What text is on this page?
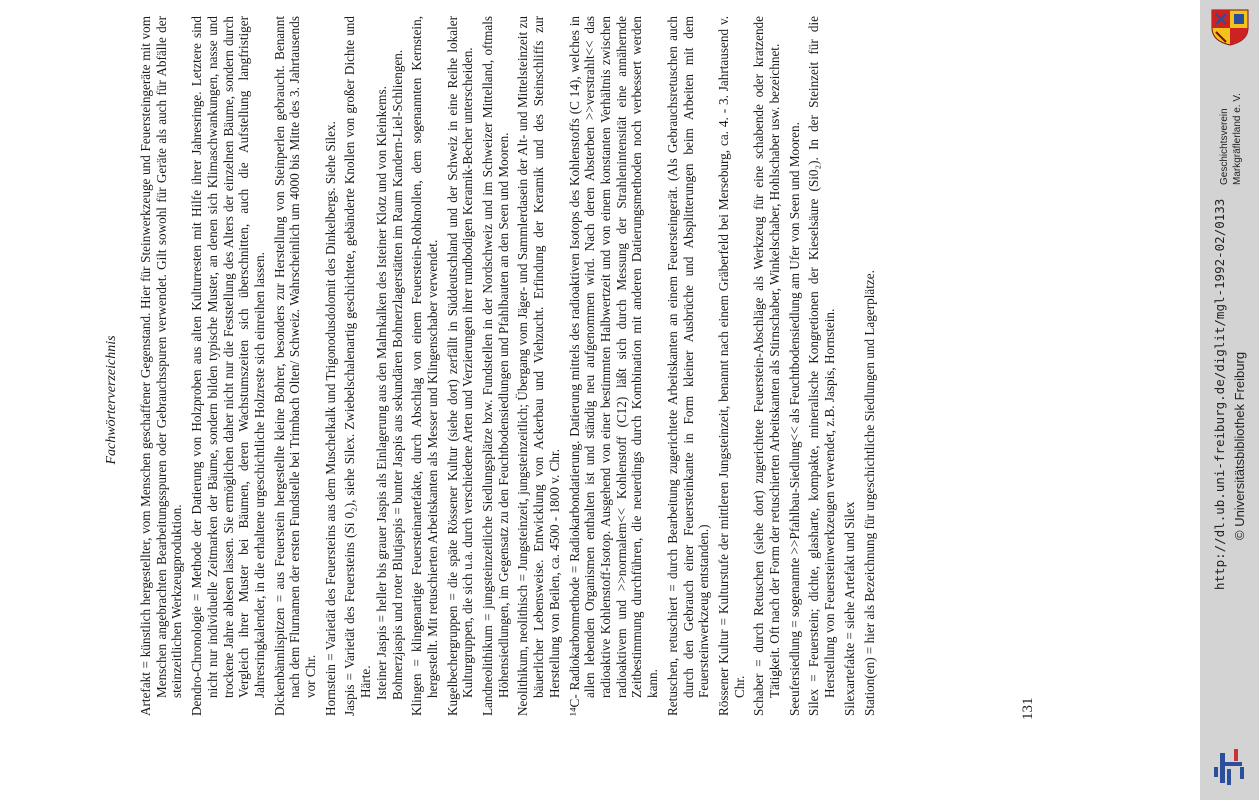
Fachwörterverzeichnis Artefakt = künstlich hergestellter, vom Menschen geschaffener Gegenstand. Hier für Steinwerkzeuge und Feuersteingeräte mit vom Menschen angebrachten Bearbeitungsspuren oder Gebrauchsspuren verwendet. Gilt sowohl für Geräte als auch für Abfälle der steinzeitlichen Werkzeugproduktion. Dendro-Chronologie = Methode der Datierung von Holzproben aus alten Kulturresten mit Hilfe ihrer Jahresringe. Letztere sind nicht nur individuelle Zeitmarken der Bäume, sondern bilden typische Muster, an denen sich Klimaschwankungen, nasse und trockene Jahre ablesen lassen. Sie ermöglichen daher nicht nur die Feststellung des Alters der einzelnen Bäume, sondern durch Vergleich ihrer Muster bei Bäumen, deren Wachstumszeiten sich überschnitten, auch die Aufstellung langfristiger Jahresringkalender, in die erhaltene urgeschichtliche Holzreste sich einreihen lassen. Dickenbännlispitzen = aus Feuerstein hergestellte kleine Bohrer, besonders zur Herstellung von Steinperlen gebraucht. Benannt nach dem Flurnamen der ersten Fundstelle bei Trimbach Olten/ Schweiz. Wahrscheinlich um 4000 bis Mitte des 3. Jahrtausends vor Chr. Hornstein = Varietät des Feuersteins aus dem Muschelkalk und Trigonodusdolomit des Dinkelbergs. Siehe Silex. Jaspis = Varietät des Feuersteins (Si 0₂), siehe Silex. Zwiebelschalenartig geschichtete, gebänderte Knollen von großer Dichte und Härte. Isteiner Jaspis = heller bis grauer Jaspis als Einlagerung aus den Malmkalken des Isteiner Klotz und von Kleinkems. Bohnerzjaspis und roter Blutjaspis = bunter Jaspis aus sekundären Bohnerzlagerstätten im Raum Kandern-Liel-Schliengen. Klingen = klingenartige Feuersteinartefakte, durch Abschlag von einem Feuerstein-Rohknollen, dem sogenannten Kernstein, hergestellt. Mit retuschierten Arbeitskanten als Messer und Klingenschaber verwendet. Kugelbechergruppen = die späte Rössener Kultur (siehe dort) zerfällt in Süddeutschland und der Schweiz in eine Reihe lokaler Kulturgruppen, die sich u.a. durch verschiedene Arten und Verzierungen ihrer rundbodigen Keramik-Becher unterscheiden. Landneolithikum = jungsteinzeitliche Siedlungsplätze bzw. Fundstellen in der Nordschweiz und im Schweizer Mittelland, oftmals Höhensiedlungen, im Gegensatz zu den Feuchtbodensiedlungen und Pfahlbauten an den Seen und Mooren. Neolithikum, neolithisch = Jungsteinzeit, jungsteinzeitlich; Übergang vom Jäger- und Sammlerdasein der Alt- und Mittelsteinzeit zu bäuerlicher Lebensweise. Entwicklung von Ackerbau und Viehzucht. Erfindung der Keramik und des Steinschliffs zur Herstellung von Beilen, ca. 4500 - 1800 v. Chr. ¹⁴C- Radiokarbonmethode = Radiokarbondatierung. Datierung mittels des radioaktiven Isotops des Kohlenstoffs (C 14), welches in allen lebenden Organismen enthalten ist und ständig neu aufgenommen wird. Nach deren Absterben >>verstrahlt<< das radioaktive Kohlenstoff-Isotop. Ausgehend von einer bestimmten Halbwertzeit und von einem konstanten Verhältnis zwischen radioaktivem und >>normalem<< Kohlenstoff (C12) läßt sich durch Messung der Strahlenintensität eine annähernde Zeitbestimmung durchführen, die neuerdings durch Kombination mit anderen Datierungsmethoden noch verbessert werden kann. Retuschen, retuschiert = durch Bearbeitung zugerichtete Arbeitskanten an einem Feuersteingerät. (Als Gebrauchsretuschen auch durch den Gebrauch einer Feuersteinkante in Form kleiner Ausbrüche und Absplitterungen beim Arbeiten mit dem Feuersteinwerkzeug entstanden.) Rössener Kultur = Kulturstufe der mittleren Jungsteinzeit, benannt nach einem Gräberfeld bei Merseburg, ca. 4. - 3. Jahrtausend v. Chr. Schaber = durch Retuschen (siehe dort) zugerichtete Feuerstein-Abschläge als Werkzeug für eine schabende oder kratzende Tätigkeit. Oft nach der Form der retuschierten Arbeitskanten als Stirnschaber, Winkelschaber, Hohlschaber usw. bezeichnet. Seeufersiedlung = sogenannte >>Pfahlbau-Siedlung<< als Feuchtbodensiedlung am Ufer von Seen und Mooren. Silex = Feuerstein; dichte, glasharte, kompakte, mineralische Kongretionen der Kieselsäure (Si0₂). In der Steinzeit für die Herstellung von Feuersteinwerkzeugen verwendet, z.B. Jaspis, Hornstein. Silexartefakte = siehe Artefakt und Silex Station(en) = hier als Bezeichnung für urgeschichtliche Siedlungen und Lagerplätze.	131
Geschichtsverein Markgräflerland e. V.
http://dl.ub.uni-freiburg.de/diglit/mgl-1992-02/0133 © Universitätsbibliothek Freiburg
